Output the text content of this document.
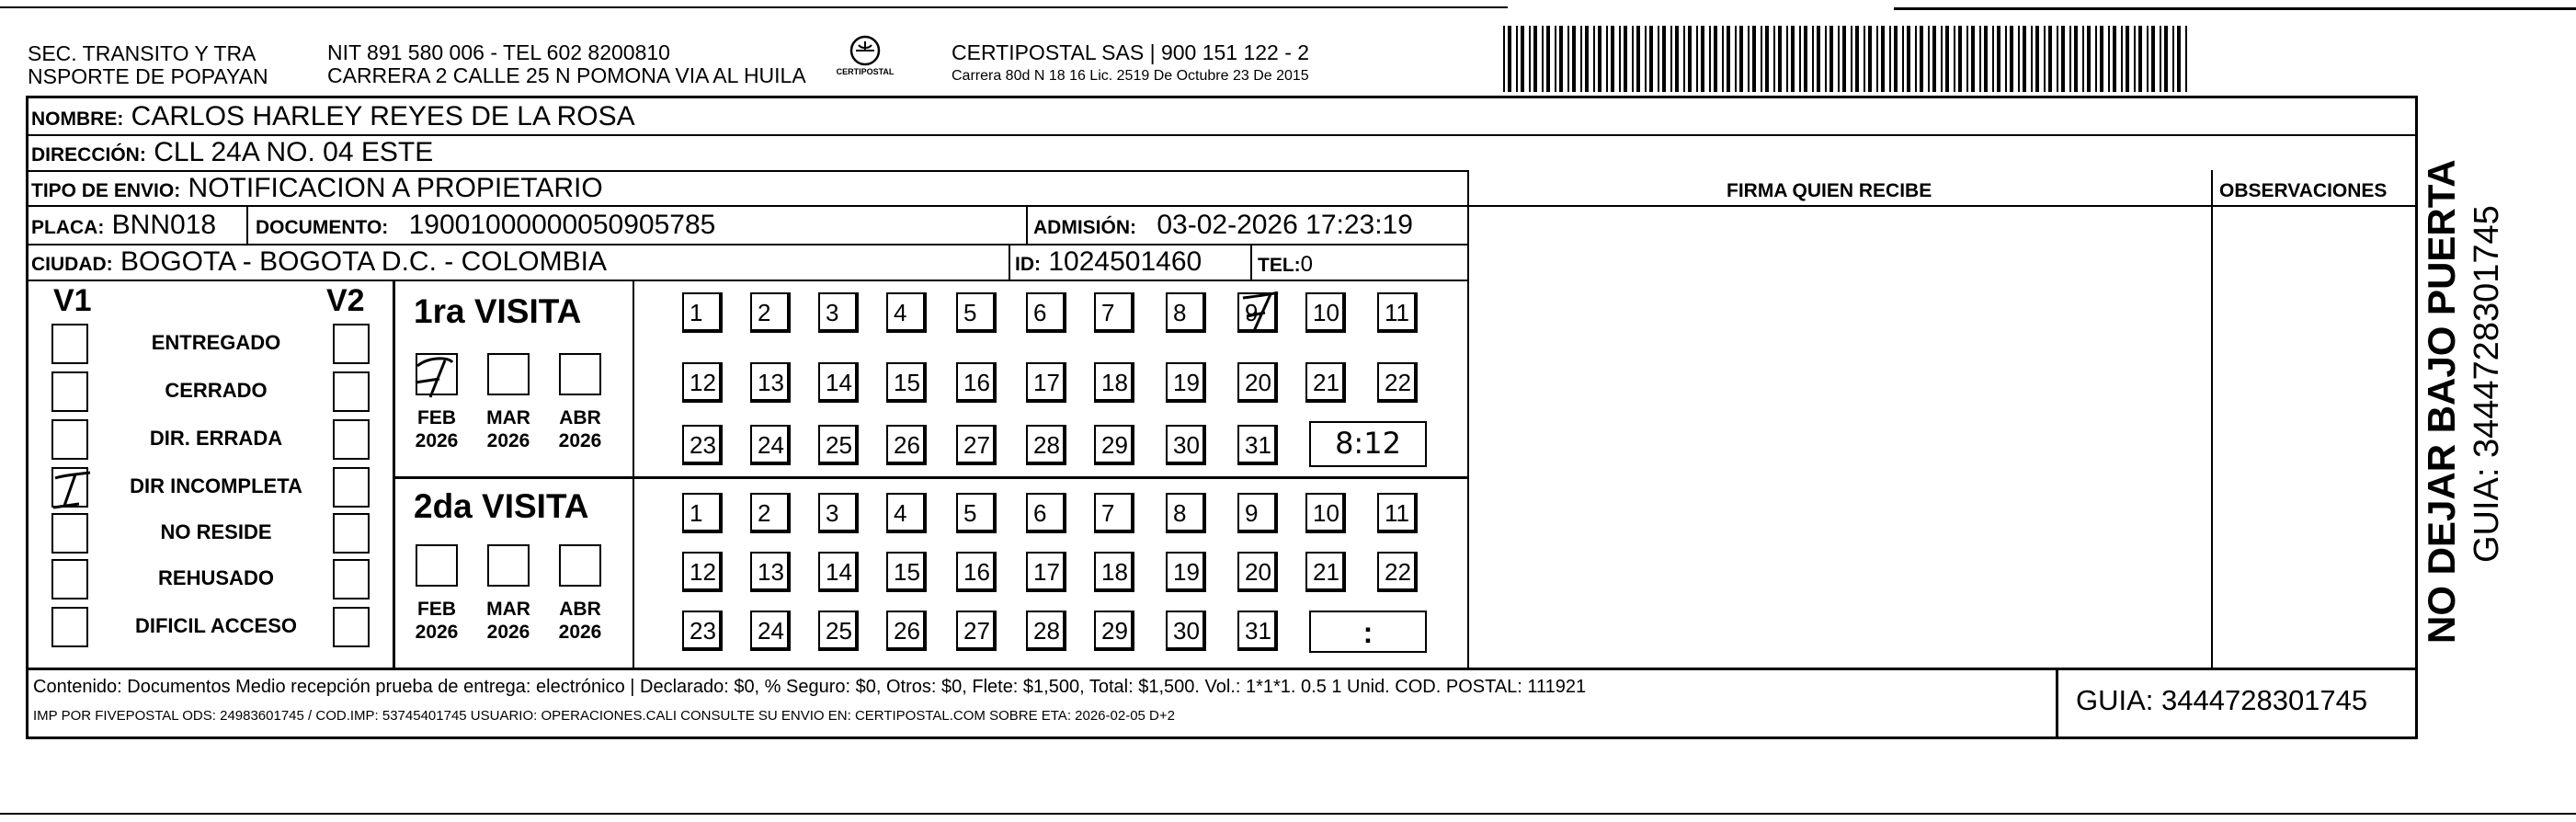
SEC. TRANSITO Y TRA
NSPORTE DE POPAYAN
NIT 891 580 006 - TEL 602 8200810
CARRERA 2 CALLE 25 N POMONA VIA AL HUILA	CERTIPOSTAL
CERTIPOSTAL SAS | 900 151 122 - 2
Carrera 80d N 18 16 Lic. 2519 De Octubre 23 De 2015
NOMBRE: CARLOS HARLEY REYES DE LA ROSA
DIRECCIÓN: CLL 24A NO. 04 ESTE
TIPO DE ENVIO: NOTIFICACION A PROPIETARIO
PLACA: BNN018 DOCUMENTO: 19001000000050905785	ADMISIÓN: 03-02-2026 17:23:19
CIUDAD: BOGOTA - BOGOTA D.C. - COLOMBIA	ID: 1024501460	TEL:0
FIRMA QUIEN RECIBE	OBSERVACIONES
V1	V2
ENTREGADO
CERRADO
DIR. ERRADA
DIR INCOMPLETA
NO RESIDE
REHUSADO
DIFICIL ACCESO
1ra VISITA
2da VISITA
FEB
2026
MAR
2026
ABR
2026
FEB
2026
MAR
2026
ABR
2026
1	2	3	4	5	6	7	8	9	10	11
12	13	14	15	16	17	18	19	20	21	22
23	24	25	26	27	28	29	30	31
1	2	3	4	5	6	7	8	9	10	11
12	13	14	15	16	17	18	19	20	21	22
23	24	25	26	27	28	29	30	31
8:12
:
Contenido: Documentos Medio recepción prueba de entrega: electrónico | Declarado: $0, % Seguro: $0, Otros: $0, Flete: $1,500, Total: $1,500. Vol.: 1*1*1. 0.5 1 Unid. COD. POSTAL: 111921
IMP POR FIVEPOSTAL ODS: 24983601745 / COD.IMP: 53745401745 USUARIO: OPERACIONES.CALI CONSULTE SU ENVIO EN: CERTIPOSTAL.COM SOBRE ETA: 2026-02-05 D+2	GUIA: 3444728301745
NO DEJAR BAJO PUERTA GUIA: 3444728301745
